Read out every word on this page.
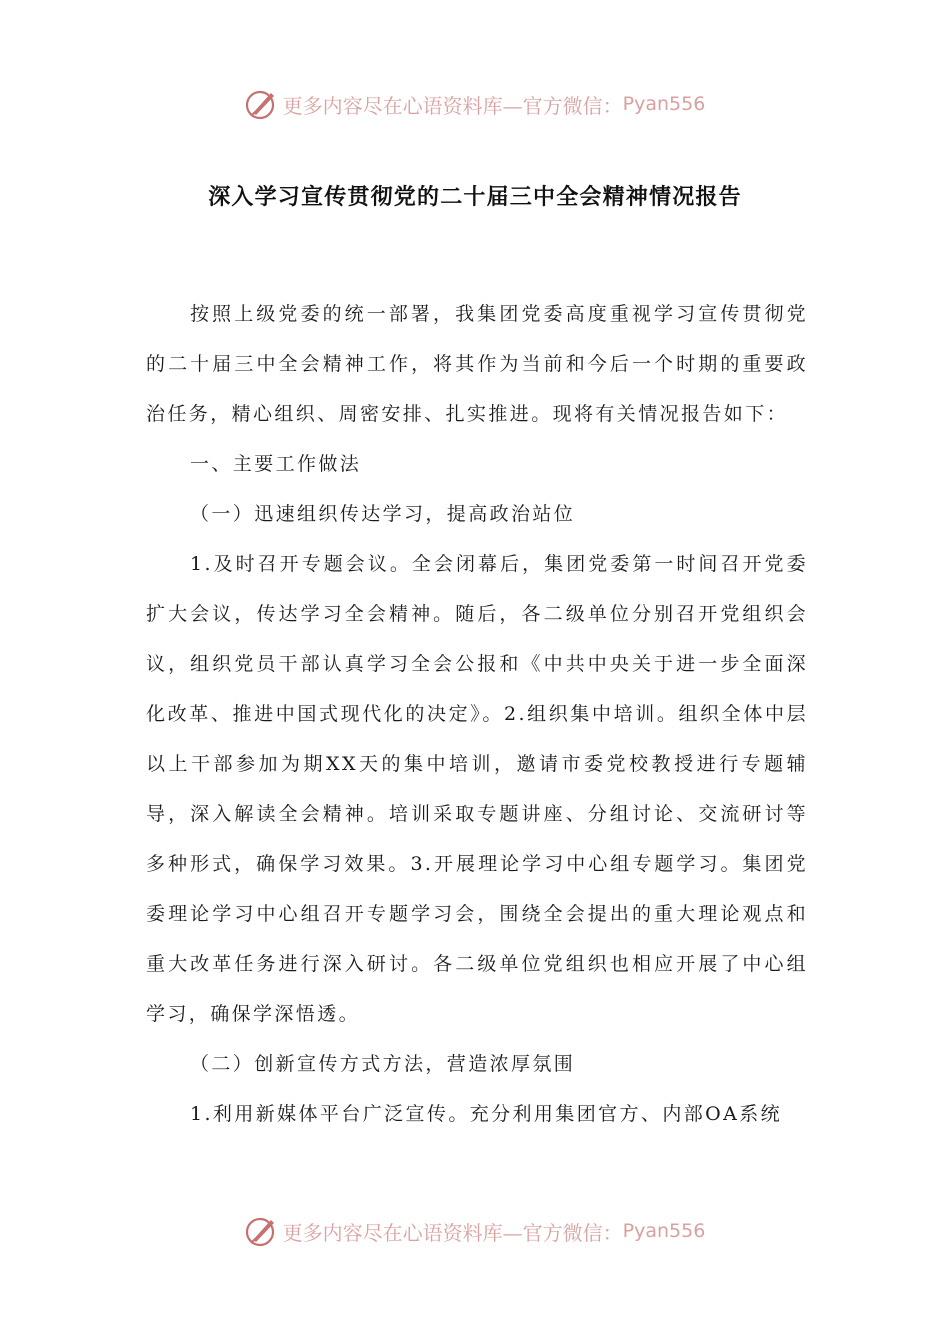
更多内容尽在心语资料库—官方微信： Pyan556
深入学习宣传贯彻党的二十届三中全会精神情况报告

按照上级党委的统一部署，我集团党委高度重视学习宣传贯彻党的二十届三中全会精神工作，将其作为当前和今后一个时期的重要政治任务，精心组织、周密安排、扎实推进。现将有关情况报告如下：

一、主要工作做法

（一）迅速组织传达学习，提高政治站位

1.及时召开专题会议。全会闭幕后，集团党委第一时间召开党委扩大会议，传达学习全会精神。随后，各二级单位分别召开党组织会议，组织党员干部认真学习全会公报和《中共中央关于进一步全面深化改革、推进中国式现代化的决定》。2.组织集中培训。组织全体中层以上干部参加为期XX天的集中培训，邀请市委党校教授进行专题辅导，深入解读全会精神。培训采取专题讲座、分组讨论、交流研讨等多种形式，确保学习效果。3.开展理论学习中心组专题学习。集团党委理论学习中心组召开专题学习会，围绕全会提出的重大理论观点和重大改革任务进行深入研讨。各二级单位党组织也相应开展了中心组学习，确保学深悟透。

（二）创新宣传方式方法，营造浓厚氛围

1.利用新媒体平台广泛宣传。充分利用集团官方、内部OA系统

更多内容尽在心语资料库—官方微信： Pyan556
